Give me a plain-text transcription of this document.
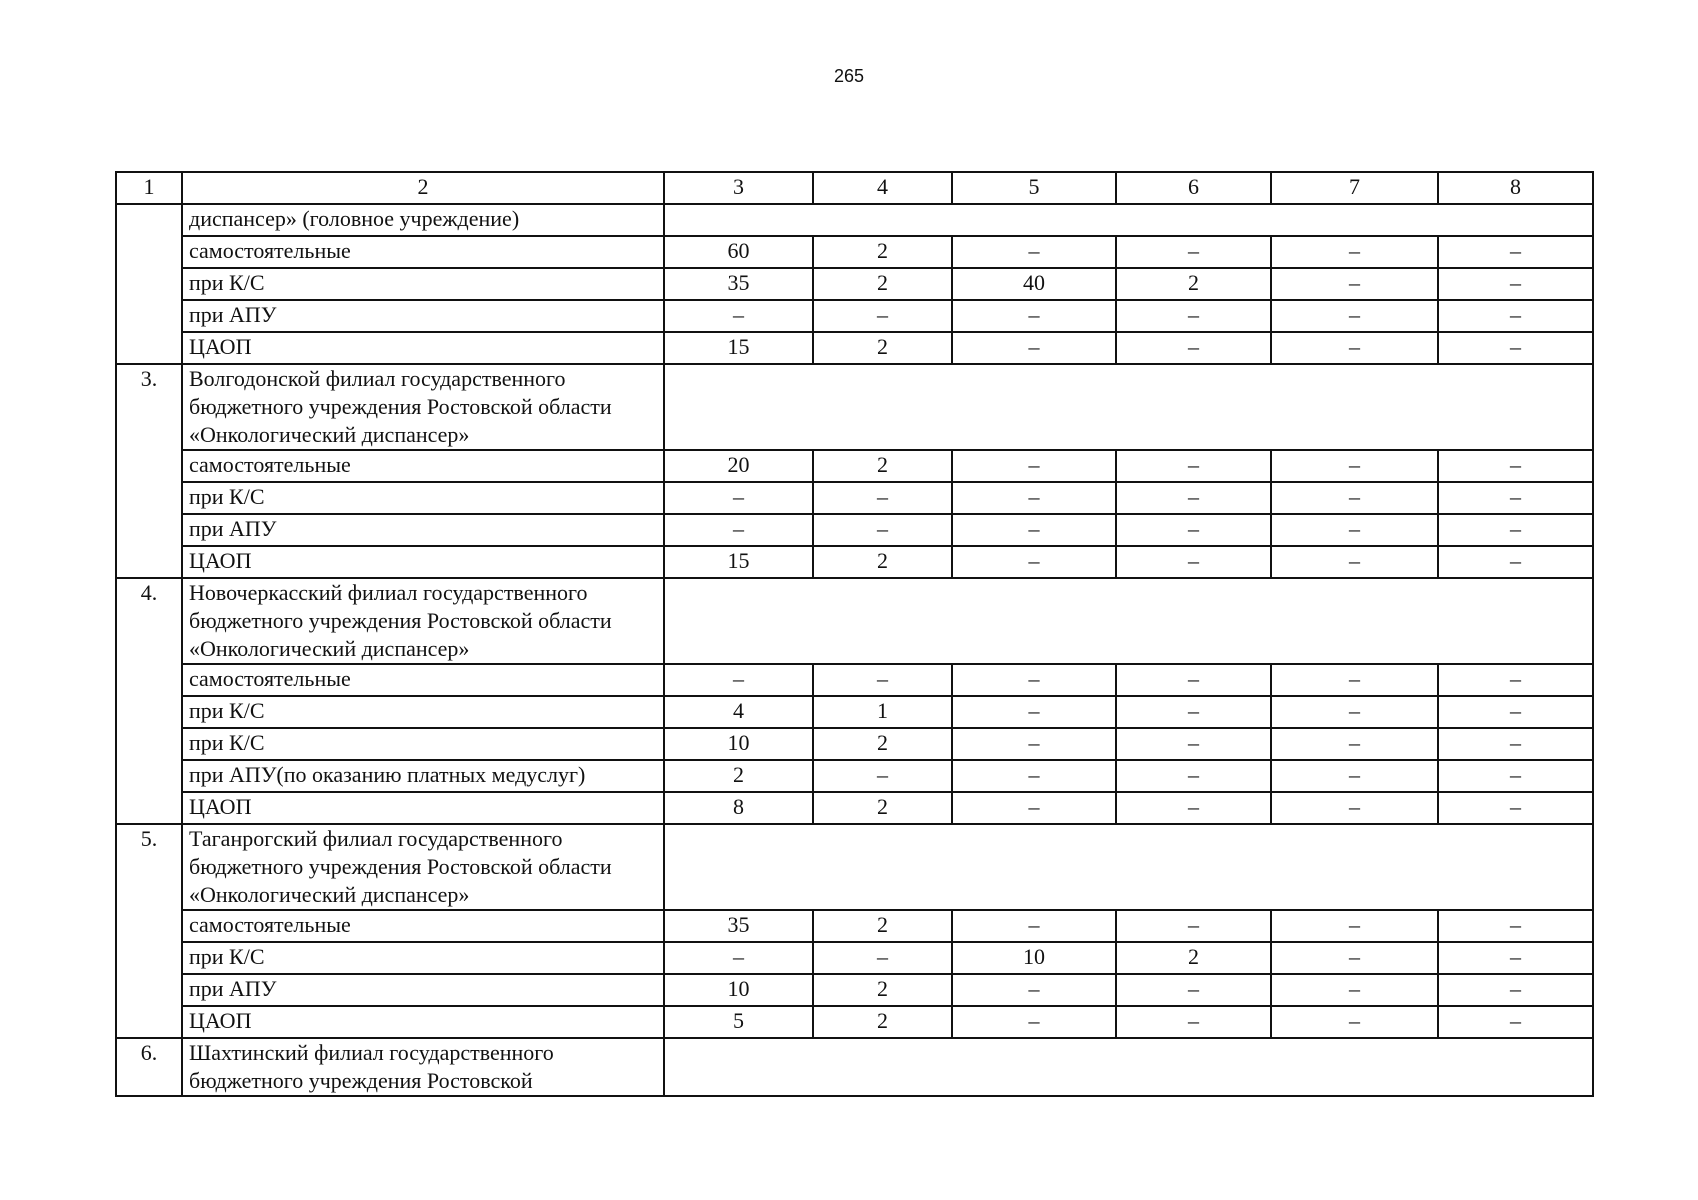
265
1	2	3	4	5	6	7	8
	диспансер» (головное учреждение)						
	самостоятельные	60	2	–	–	–	–
	при К/С	35	2	40	2	–	–
	при АПУ	–	–	–	–	–	–
	ЦАОП	15	2	–	–	–	–
3.	Волгодонской филиал государственного бюджетного учреждения Ростовской области «Онкологический диспансер»						
	самостоятельные	20	2	–	–	–	–
	при К/С	–	–	–	–	–	–
	при АПУ	–	–	–	–	–	–
	ЦАОП	15	2	–	–	–	–
4.	Новочеркасский филиал государственного бюджетного учреждения Ростовской области «Онкологический диспансер»						
	самостоятельные	–	–	–	–	–	–
	при К/С	4	1	–	–	–	–
	при К/С	10	2	–	–	–	–
	при АПУ(по оказанию платных медуслуг)	2	–	–	–	–	–
	ЦАОП	8	2	–	–	–	–
5.	Таганрогский филиал государственного бюджетного учреждения Ростовской области «Онкологический диспансер»						
	самостоятельные	35	2	–	–	–	–
	при К/С	–	–	10	2	–	–
	при АПУ	10	2	–	–	–	–
	ЦАОП	5	2	–	–	–	–
6.	Шахтинский филиал государственного бюджетного учреждения Ростовской						
